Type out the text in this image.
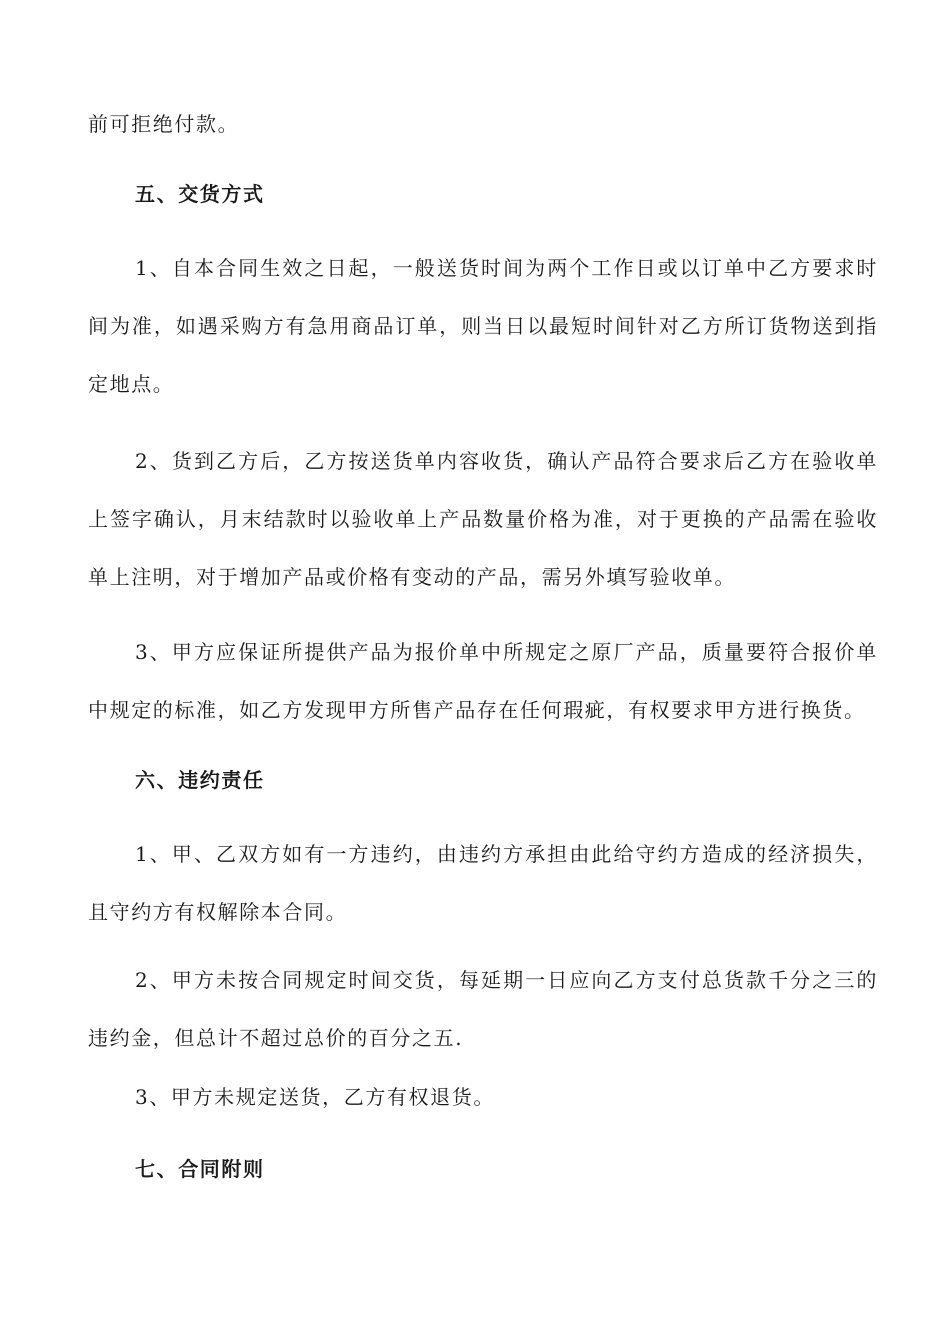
前可拒绝付款。

五、交货方式

1、自本合同生效之日起，一般送货时间为两个工作日或以订单中乙方要求时间为准，如遇采购方有急用商品订单，则当日以最短时间针对乙方所订货物送到指定地点。

2、货到乙方后，乙方按送货单内容收货，确认产品符合要求后乙方在验收单上签字确认，月末结款时以验收单上产品数量价格为准，对于更换的产品需在验收单上注明，对于增加产品或价格有变动的产品，需另外填写验收单。

3、甲方应保证所提供产品为报价单中所规定之原厂产品，质量要符合报价单中规定的标准，如乙方发现甲方所售产品存在任何瑕疵，有权要求甲方进行换货。

六、违约责任

1、甲、乙双方如有一方违约，由违约方承担由此给守约方造成的经济损失，且守约方有权解除本合同。

2、甲方未按合同规定时间交货，每延期一日应向乙方支付总货款千分之三的违约金，但总计不超过总价的百分之五.

3、甲方未规定送货，乙方有权退货。

七、合同附则
